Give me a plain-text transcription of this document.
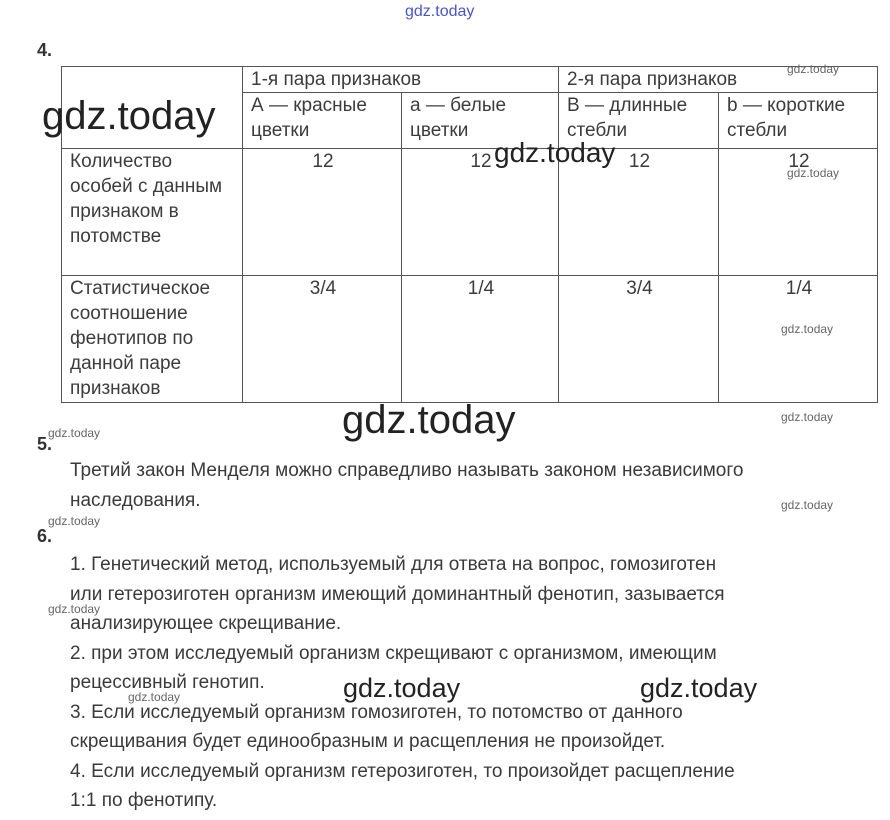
gdz.today
4.
	1-я пара признаков		2-я пара признаков	
	А — красные цветки	а — белые цветки	В — длинные стебли	b — короткие стебли
Количество особей с данным признаком в потомстве	12	12	12	12
Статистическое соотношение фенотипов по данной паре признаков	3/4	1/4	3/4	1/4
5.
Третий закон Менделя можно справедливо называть законом независимого
наследования.
6.
1. Генетический метод, используемый для ответа на вопрос, гомозиготен
или гетерозиготен организм имеющий доминантный фенотип, зазывается
анализирующее скрещивание.
2. при этом исследуемый организм скрещивают с организмом, имеющим
рецессивный генотип.
3. Если исследуемый организм гомозиготен, то потомство от данного
скрещивания будет единообразным и расщепления не произойдет.
4. Если исследуемый организм гетерозиготен, то произойдет расщепление
1:1 по фенотипу.
gdz.today
gdz.today
gdz.today
gdz.today	gdz.today
gdz.today
gdz.today
gdz.today
gdz.today
gdz.today
gdz.today
gdz.today
gdz.today
gdz.today
